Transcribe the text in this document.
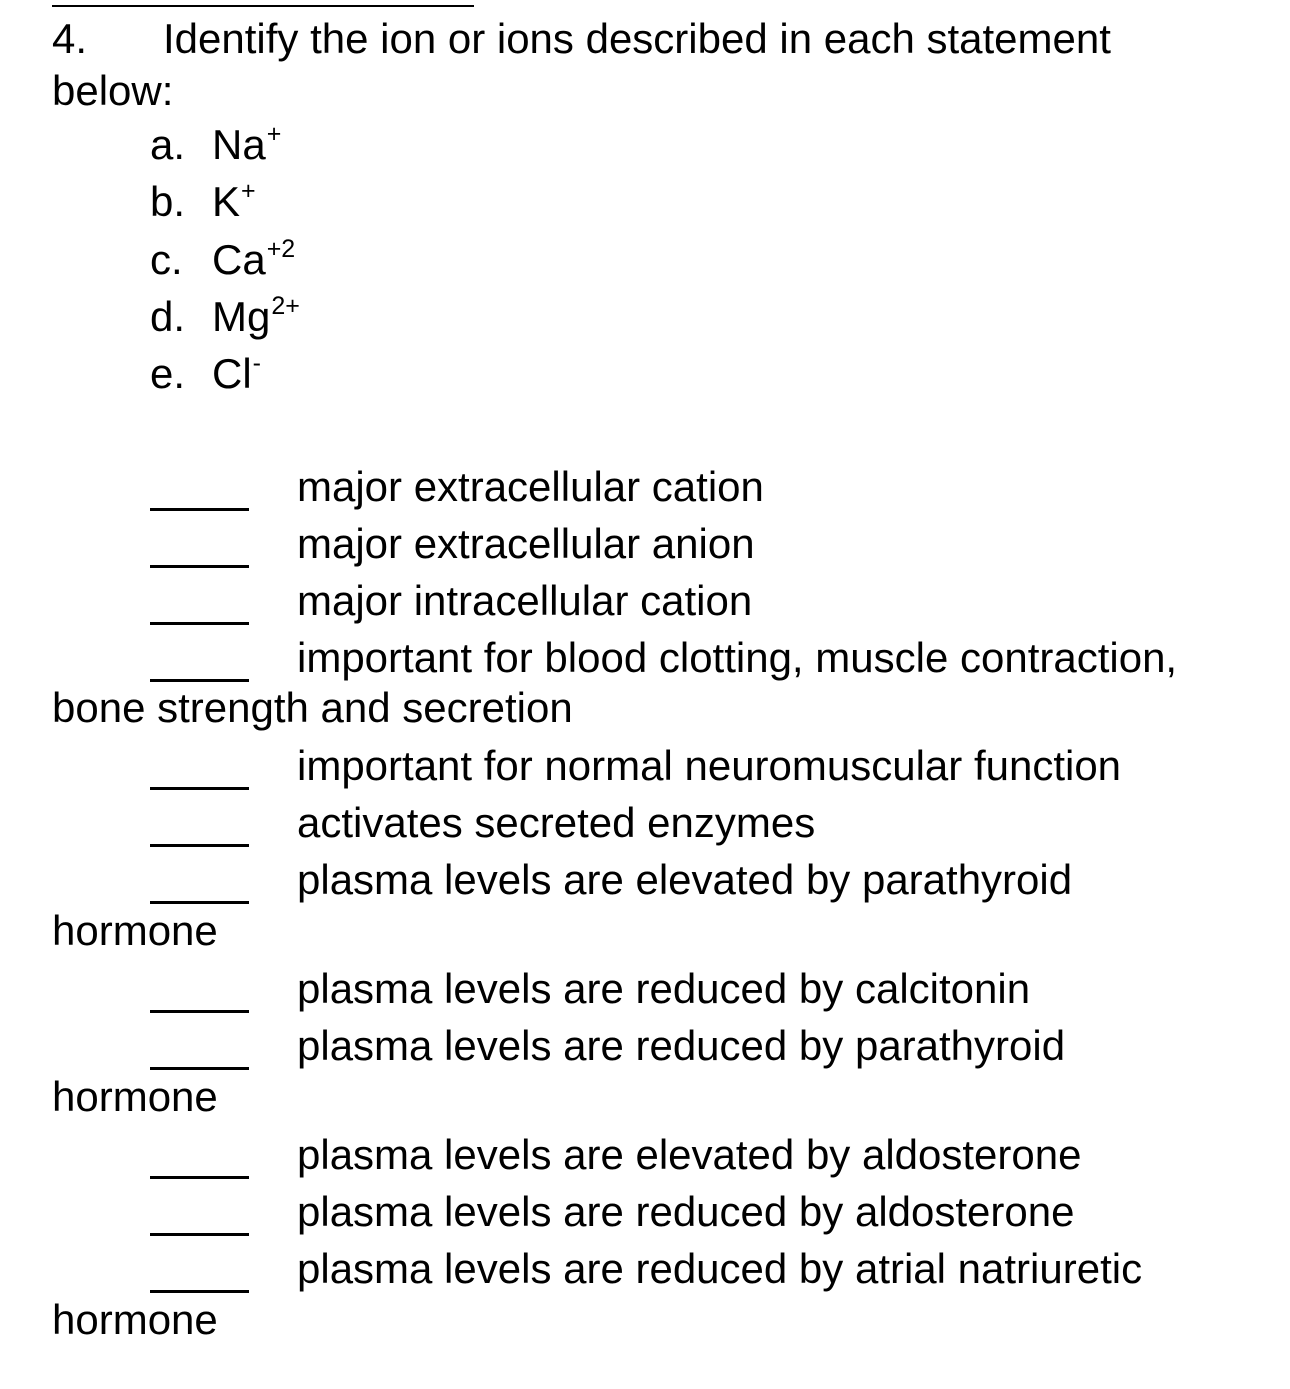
4. Identify the ion or ions described in each statement
below:
a. Na+
b. K+
c. $Ca^{+2}$
d. $Mg^{2+}$
e. Cl-
major extracellular cation
major extracellular anion
major intracellular cation
important for blood clotting, muscle contraction,
bone strength and secretion
important for normal neuromuscular function
activates secreted enzymes
plasma levels are elevated by parathyroid
hormone
plasma levels are reduced by calcitonin
plasma levels are reduced by parathyroid
hormone
plasma levels are elevated by aldosterone
plasma levels are reduced by aldosterone
plasma levels are reduced by atrial natriuretic
hormone
